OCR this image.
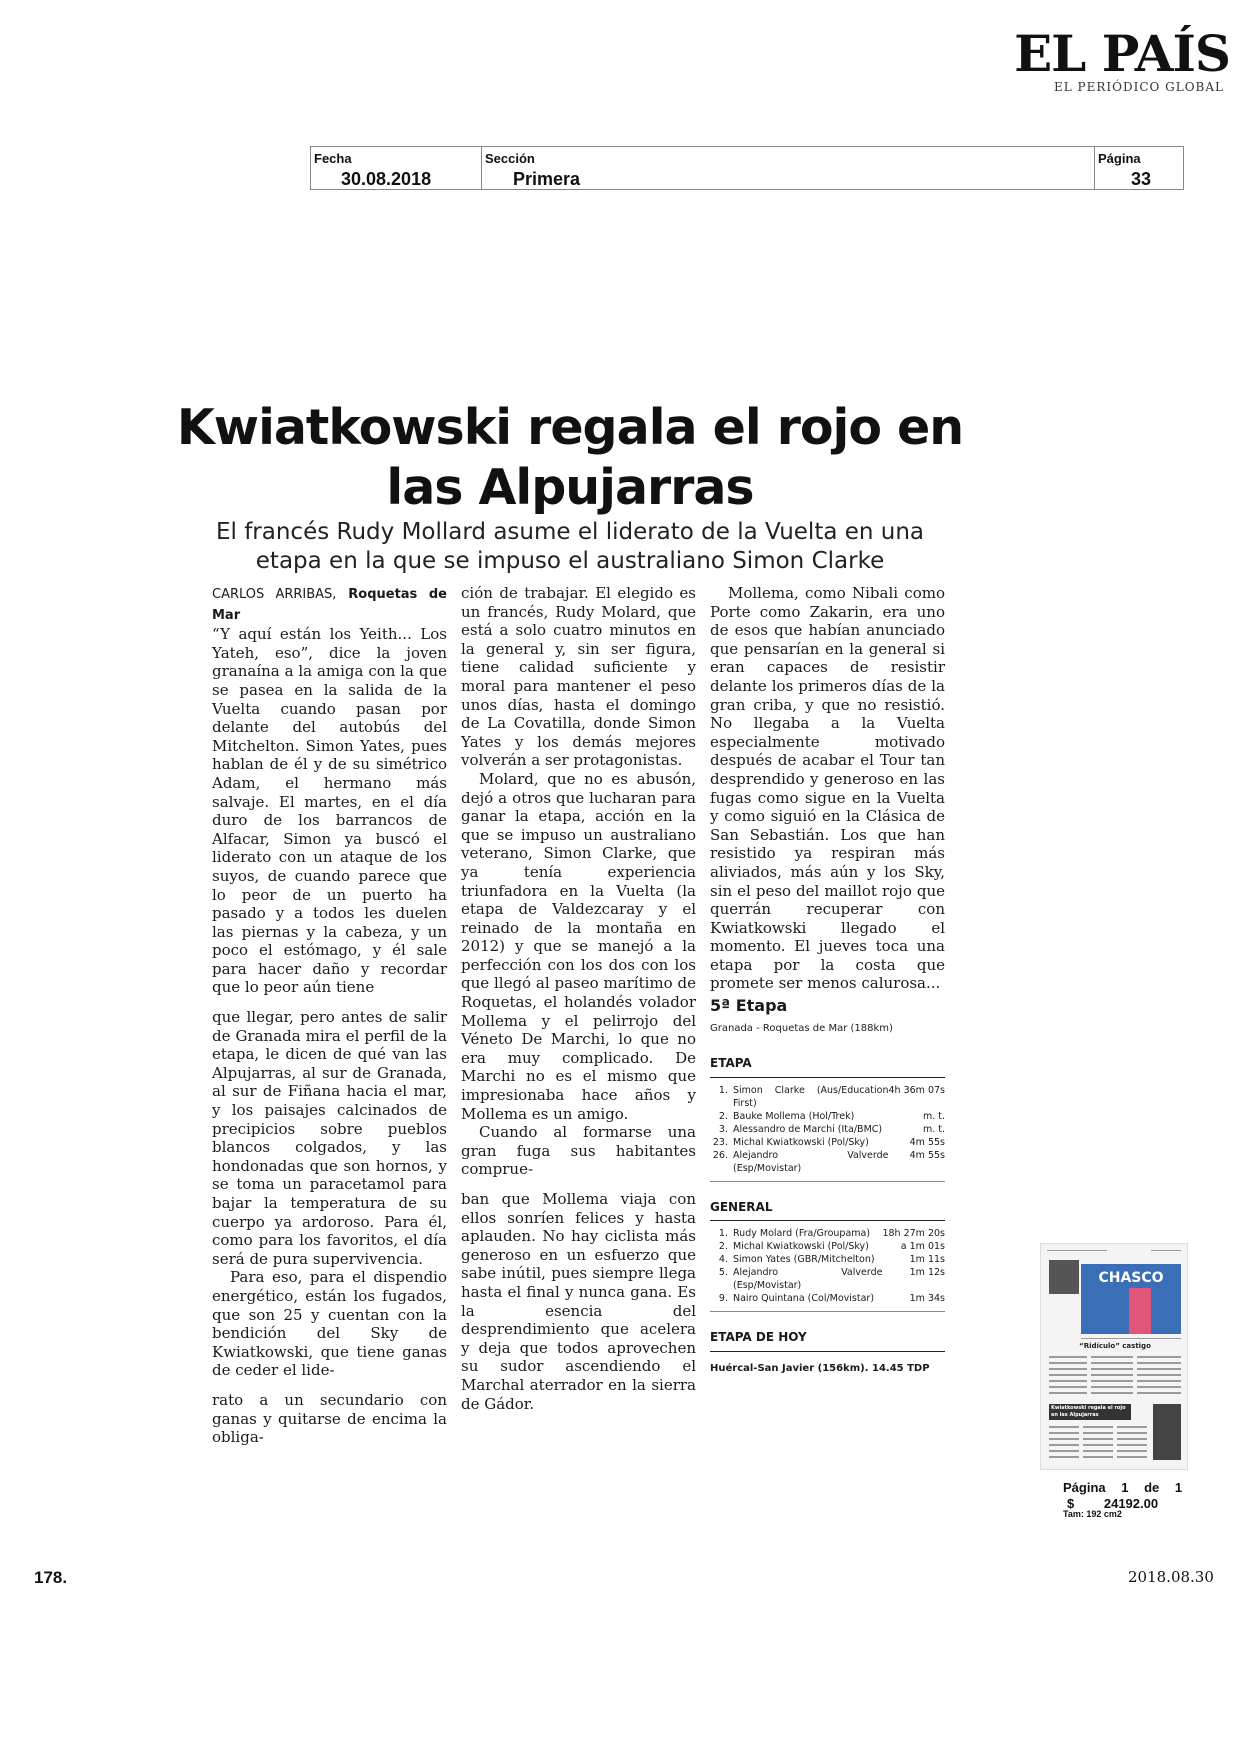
EL PAÍS
EL PERIÓDICO GLOBAL
Fecha
30.08.2018
Sección
Primera
Página
33
Kwiatkowski regala el rojo en las Alpujarras
El francés Rudy Mollard asume el liderato de la Vuelta en una etapa en la que se impuso el australiano Simon Clarke

CARLOS ARRIBAS, Roquetas de Mar

“Y aquí están los Yeith... Los Yateh, eso”, dice la joven granaína a la amiga con la que se pasea en la salida de la Vuelta cuando pasan por delante del autobús del Mitchelton. Simon Yates, pues hablan de él y de su simétrico Adam, el hermano más salvaje. El martes, en el día duro de los barrancos de Alfacar, Simon ya buscó el liderato con un ataque de los suyos, de cuando parece que lo peor de un puerto ha pasado y a todos les duelen las piernas y la cabeza, y un poco el estómago, y él sale para hacer daño y recordar que lo peor aún tiene

que llegar, pero antes de salir de Granada mira el perfil de la etapa, le dicen de qué van las Alpujarras, al sur de Granada, al sur de Fiñana hacia el mar, y los paisajes calcinados de precipicios sobre pueblos blancos colgados, y las hondonadas que son hornos, y se toma un paracetamol para bajar la temperatura de su cuerpo ya ardoroso. Para él, como para los favoritos, el día será de pura supervivencia.

Para eso, para el dispendio energético, están los fugados, que son 25 y cuentan con la bendición del Sky de Kwiatkowski, que tiene ganas de ceder el lide-

rato a un secundario con ganas y quitarse de encima la obliga-

ción de trabajar. El elegido es un francés, Rudy Molard, que está a solo cuatro minutos en la general y, sin ser figura, tiene calidad suficiente y moral para mantener el peso unos días, hasta el domingo de La Covatilla, donde Simon Yates y los demás mejores volverán a ser protagonistas.

Molard, que no es abusón, dejó a otros que lucharan para ganar la etapa, acción en la que se impuso un australiano veterano, Simon Clarke, que ya tenía experiencia triunfadora en la Vuelta (la etapa de Valdezcaray y el reinado de la montaña en 2012) y que se manejó a la perfección con los dos con los que llegó al paseo marítimo de Roquetas, el holandés volador Mollema y el pelirrojo del Véneto De Marchi, lo que no era muy complicado. De Marchi no es el mismo que impresionaba hace años y Mollema es un amigo.

Cuando al formarse una gran fuga sus habitantes comprue-

ban que Mollema viaja con ellos sonríen felices y hasta aplauden. No hay ciclista más generoso en un esfuerzo que sabe inútil, pues siempre llega hasta el final y nunca gana. Es la esencia del desprendimiento que acelera y deja que todos aprovechen su sudor ascendiendo el Marchal aterrador en la sierra de Gádor.

Mollema, como Nibali como Porte como Zakarin, era uno de esos que habían anunciado que pensarían en la general si eran capaces de resistir delante los primeros días de la gran criba, y que no resistió. No llegaba a la Vuelta especialmente motivado después de acabar el Tour tan desprendido y generoso en las fugas como sigue en la Vuelta y como siguió en la Clásica de San Sebastián. Los que han resistido ya respiran más aliviados, más aún y los Sky, sin el peso del maillot rojo que querrán recuperar con Kwiatkowski llegado el momento. El jueves toca una etapa por la costa que promete ser menos calurosa...

5ª Etapa
Granada - Roquetas de Mar (188km)
ETAPA
1.	Simon Clarke (Aus/Education First)	4h 36m 07s
2.	Bauke Mollema (Hol/Trek)	m. t.
3.	Alessandro de Marchi (Ita/BMC)	m. t.
23.	Michal Kwiatkowski (Pol/Sky)	4m 55s
26.	Alejandro Valverde (Esp/Movistar)	4m 55s
GENERAL
1.	Rudy Molard (Fra/Groupama)	18h 27m 20s
2.	Michal Kwiatkowski (Pol/Sky)	a 1m 01s
4.	Simon Yates (GBR/Mitchelton)	1m 11s
5.	Alejandro Valverde (Esp/Movistar)	1m 12s
9.	Nairo Quintana (Col/Movistar)	1m 34s
ETAPA DE HOY
Huércal-San Javier (156km). 14.45 TDP
CHASCO
“Ridículo” castigo
Kwiatkowski regala el rojo en las Alpujarras
Página 1 de 1
$ 24192.00
Tam: 192 cm2
178.	2018.08.30
